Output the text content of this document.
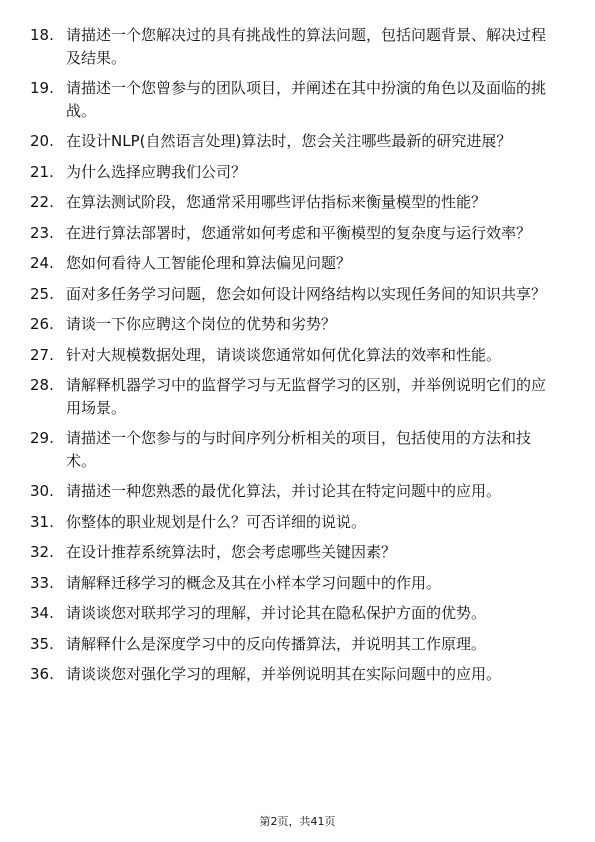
18. 请描述一个您解决过的具有挑战性的算法问题，包括问题背景、解决过程及结果。
19. 请描述一个您曾参与的团队项目，并阐述在其中扮演的角色以及面临的挑战。
20. 在设计NLP(自然语言处理)算法时，您会关注哪些最新的研究进展？
21. 为什么选择应聘我们公司？
22. 在算法测试阶段，您通常采用哪些评估指标来衡量模型的性能？
23. 在进行算法部署时，您通常如何考虑和平衡模型的复杂度与运行效率？
24. 您如何看待人工智能伦理和算法偏见问题？
25. 面对多任务学习问题，您会如何设计网络结构以实现任务间的知识共享？
26. 请谈一下你应聘这个岗位的优势和劣势？
27. 针对大规模数据处理，请谈谈您通常如何优化算法的效率和性能。
28. 请解释机器学习中的监督学习与无监督学习的区别，并举例说明它们的应用场景。
29. 请描述一个您参与的与时间序列分析相关的项目，包括使用的方法和技术。
30. 请描述一种您熟悉的最优化算法，并讨论其在特定问题中的应用。
31. 你整体的职业规划是什么？可否详细的说说。
32. 在设计推荐系统算法时，您会考虑哪些关键因素？
33. 请解释迁移学习的概念及其在小样本学习问题中的作用。
34. 请谈谈您对联邦学习的理解，并讨论其在隐私保护方面的优势。
35. 请解释什么是深度学习中的反向传播算法，并说明其工作原理。
36. 请谈谈您对强化学习的理解，并举例说明其在实际问题中的应用。
第2页，共41页
